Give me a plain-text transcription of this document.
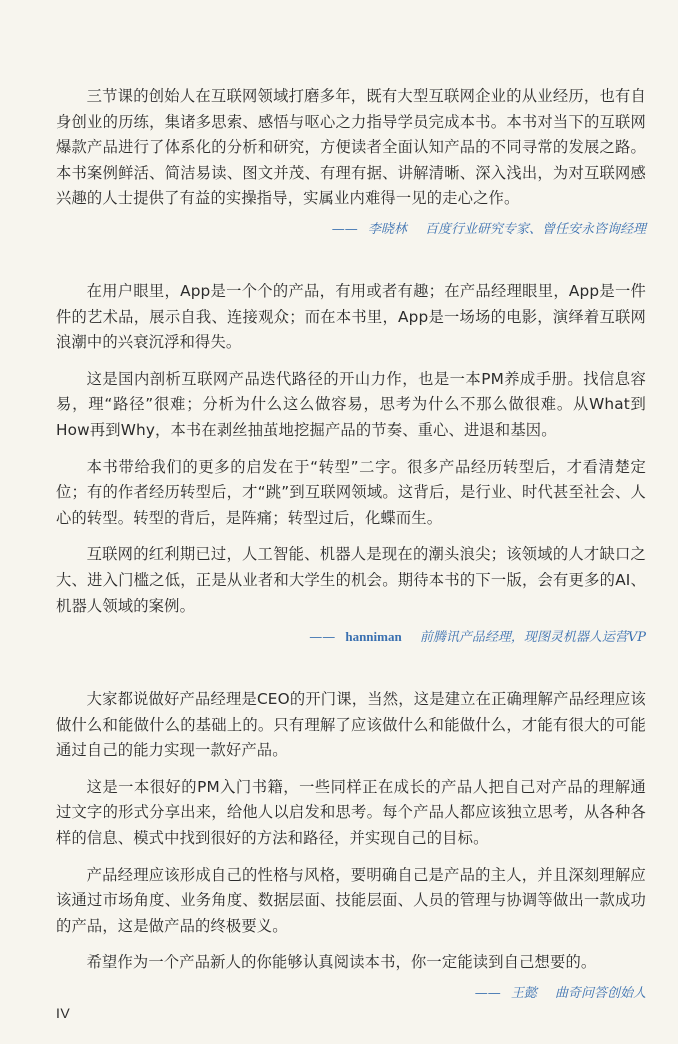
三节课的创始人在互联网领域打磨多年，既有大型互联网企业的从业经历，也有自身创业的历练，集诸多思索、感悟与呕心之力指导学员完成本书。本书对当下的互联网爆款产品进行了体系化的分析和研究，方便读者全面认知产品的不同寻常的发展之路。本书案例鲜活、简洁易读、图文并茂、有理有据、讲解清晰、深入浅出，为对互联网感兴趣的人士提供了有益的实操指导，实属业内难得一见的走心之作。

—— 李晓林 百度行业研究专家、曾任安永咨询经理

在用户眼里，App是一个个的产品，有用或者有趣；在产品经理眼里，App是一件件的艺术品，展示自我、连接观众；而在本书里，App是一场场的电影，演绎着互联网浪潮中的兴衰沉浮和得失。

这是国内剖析互联网产品迭代路径的开山力作，也是一本PM养成手册。找信息容易，理“路径”很难；分析为什么这么做容易，思考为什么不那么做很难。从What到How再到Why，本书在剥丝抽茧地挖掘产品的节奏、重心、进退和基因。

本书带给我们的更多的启发在于“转型”二字。很多产品经历转型后，才看清楚定位；有的作者经历转型后，才“跳”到互联网领域。这背后，是行业、时代甚至社会、人心的转型。转型的背后，是阵痛；转型过后，化蝶而生。

互联网的红利期已过，人工智能、机器人是现在的潮头浪尖；该领域的人才缺口之大、进入门槛之低，正是从业者和大学生的机会。期待本书的下一版，会有更多的AI、机器人领域的案例。

—— hanniman 前腾讯产品经理，现图灵机器人运营VP

大家都说做好产品经理是CEO的开门课，当然，这是建立在正确理解产品经理应该做什么和能做什么的基础上的。只有理解了应该做什么和能做什么，才能有很大的可能通过自己的能力实现一款好产品。

这是一本很好的PM入门书籍，一些同样正在成长的产品人把自己对产品的理解通过文字的形式分享出来，给他人以启发和思考。每个产品人都应该独立思考，从各种各样的信息、模式中找到很好的方法和路径，并实现自己的目标。

产品经理应该形成自己的性格与风格，要明确自己是产品的主人，并且深刻理解应该通过市场角度、业务角度、数据层面、技能层面、人员的管理与协调等做出一款成功的产品，这是做产品的终极要义。

希望作为一个产品新人的你能够认真阅读本书，你一定能读到自己想要的。

—— 王懿 曲奇问答创始人
IV
